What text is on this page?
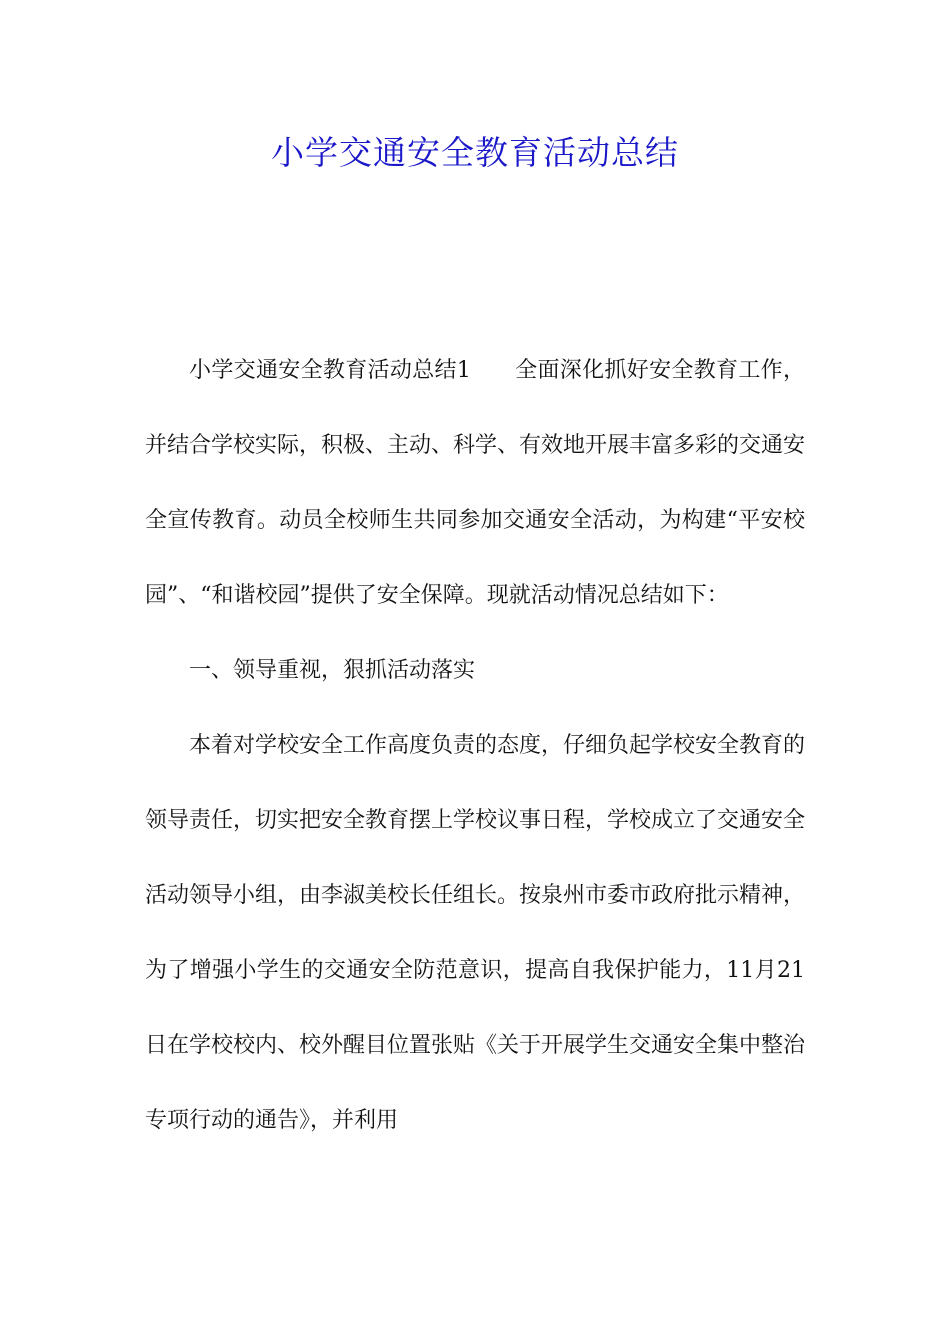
小学交通安全教育活动总结

小学交通安全教育活动总结1 全面深化抓好安全教育工作，并结合学校实际，积极、主动、科学、有效地开展丰富多彩的交通安全宣传教育。动员全校师生共同参加交通安全活动，为构建“平安校园”、“和谐校园”提供了安全保障。现就活动情况总结如下：

一、领导重视，狠抓活动落实

本着对学校安全工作高度负责的态度，仔细负起学校安全教育的领导责任，切实把安全教育摆上学校议事日程，学校成立了交通安全活动领导小组，由李淑美校长任组长。按泉州市委市政府批示精神，为了增强小学生的交通安全防范意识，提高自我保护能力，11月21日在学校校内、校外醒目位置张贴《关于开展学生交通安全集中整治专项行动的通告》，并利用
